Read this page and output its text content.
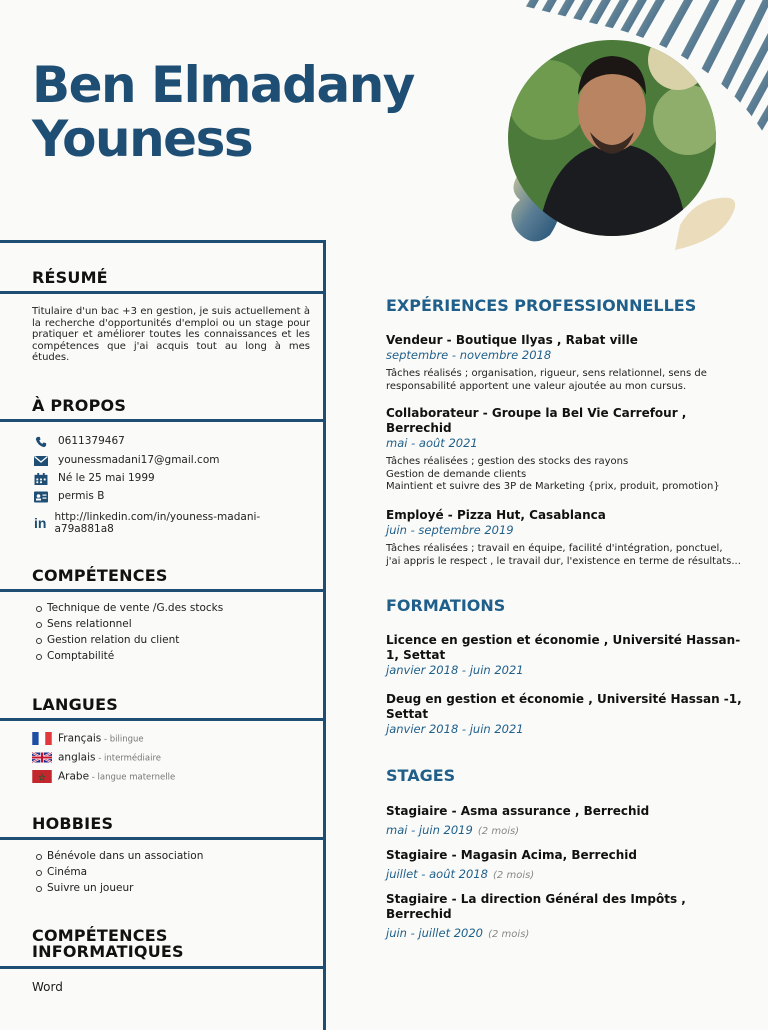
Ben Elmadany
Youness
RÉSUMÉ
Titulaire d'un bac +3 en gestion, je suis actuellement à la recherche d'opportunités d'emploi ou un stage pour pratiquer et améliorer toutes les connaissances et les compétences que j'ai acquis tout au long à mes études.
À PROPOS
0611379467
younessmadani17@gmail.com
Né le 25 mai 1999
permis B
in http://linkedin.com/in/youness-madani-a79a881a8
COMPÉTENCES
Technique de vente /G.des stocks
Sens relationnel
Gestion relation du client
Comptabilité
LANGUES
Français - bilingue
anglais - intermédiaire
Arabe - langue maternelle
HOBBIES
Bénévole dans un association
Cinéma
Suivre un joueur
COMPÉTENCES
INFORMATIQUES
Word
EXPÉRIENCES PROFESSIONNELLES
Vendeur - Boutique Ilyas , Rabat ville
septembre - novembre 2018
Tâches réalisés ; organisation, rigueur, sens relationnel, sens de
responsabilité apportent une valeur ajoutée au mon cursus.
Collaborateur - Groupe la Bel Vie Carrefour ,
Berrechid
mai - août 2021
Tâches réalisées ; gestion des stocks des rayons
Gestion de demande clients
Maintient et suivre des 3P de Marketing {prix, produit, promotion}
Employé - Pizza Hut, Casablanca
juin - septembre 2019
Tâches réalisées ; travail en équipe, facilité d'intégration, ponctuel,
j'ai appris le respect , le travail dur, l'existence en terme de résultats...
FORMATIONS
Licence en gestion et économie , Université Hassan-
1, Settat
janvier 2018 - juin 2021
Deug en gestion et économie , Université Hassan -1,
Settat
janvier 2018 - juin 2021
STAGES
Stagiaire - Asma assurance , Berrechid
mai - juin 2019 (2 mois)
Stagiaire - Magasin Acima, Berrechid
juillet - août 2018 (2 mois)
Stagiaire - La direction Général des Impôts ,
Berrechid
juin - juillet 2020 (2 mois)
